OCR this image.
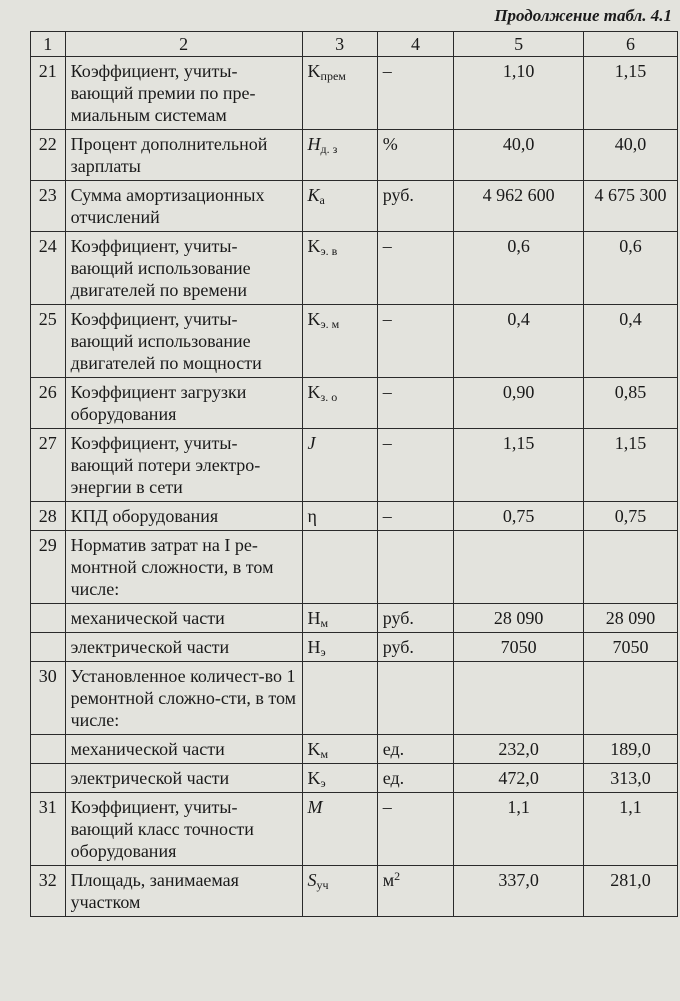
Продолжение табл. 4.1
1	2	3	4	5	6
21	Коэффициент, учиты-вающий премии по пре-миальным системам	$K_{прем}$	–	1,10	1,15
22	Процент дополнительной зарплаты	$H_{д. з}$	%	40,0	40,0
23	Сумма амортизационных отчислений	$K_а$	руб.	4 962 600	4 675 300
24	Коэффициент, учиты-вающий использование двигателей по времени	$K_{э. в}$	–	0,6	0,6
25	Коэффициент, учиты-вающий использование двигателей по мощности	$K_{э. м}$	–	0,4	0,4
26	Коэффициент загрузки оборудования	$K_{з. о}$	–	0,90	0,85
27	Коэффициент, учиты-вающий потери электро-энергии в сети	J	–	1,15	1,15
28	КПД оборудования	η	–	0,75	0,75
29	Норматив затрат на I ре-монтной сложности, в том числе:				
	механической части	$H_м$	руб.	28 090	28 090
	электрической части	$H_э$	руб.	7050	7050
30	Установленное количест-во 1 ремонтной сложно-сти, в том числе:				
	механической части	$K_м$	ед.	232,0	189,0
	электрической части	$K_э$	ед.	472,0	313,0
31	Коэффициент, учиты-вающий класс точности оборудования	M	–	1,1	1,1
32	Площадь, занимаемая участком	$S_{уч}$	$м^2$	337,0	281,0
